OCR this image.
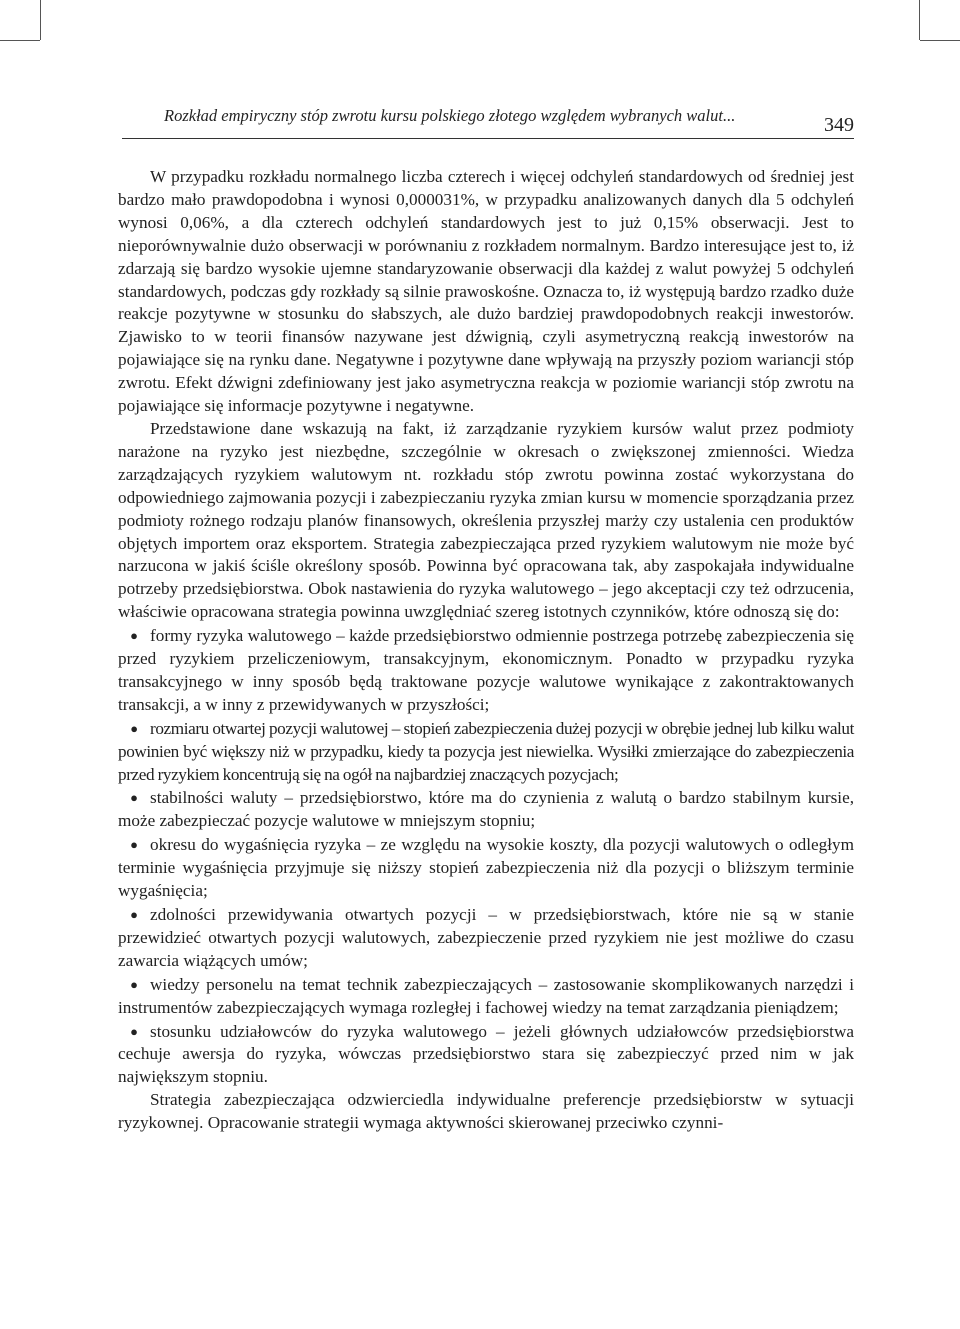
Rozkład empiryczny stóp zwrotu kursu polskiego złotego względem wybranych walut...	349

W przypadku rozkładu normalnego liczba czterech i więcej odchyleń standardowych od średniej jest bardzo mało prawdopodobna i wynosi 0,000031%, w przypadku analizowanych danych dla 5 odchyleń wynosi 0,06%, a dla czterech odchyleń standardowych jest to już 0,15% obserwacji. Jest to nieporównywalnie dużo obserwacji w porównaniu z rozkładem normalnym. Bardzo interesujące jest to, iż zdarzają się bardzo wysokie ujemne standaryzowanie obserwacji dla każdej z walut powyżej 5 odchyleń standardowych, podczas gdy rozkłady są silnie prawoskośne. Oznacza to, iż występują bardzo rzadko duże reakcje pozytywne w stosunku do słabszych, ale dużo bardziej prawdopodobnych reakcji inwestorów. Zjawisko to w teorii finansów nazywane jest dźwignią, czyli asymetryczną reakcją inwestorów na pojawiające się na rynku dane. Negatywne i pozytywne dane wpływają na przyszły poziom wariancji stóp zwrotu. Efekt dźwigni zdefiniowany jest jako asymetryczna reakcja w poziomie wariancji stóp zwrotu na pojawiające się informacje pozytywne i negatywne.

Przedstawione dane wskazują na fakt, iż zarządzanie ryzykiem kursów walut przez podmioty narażone na ryzyko jest niezbędne, szczególnie w okresach o zwiększonej zmienności. Wiedza zarządzających ryzykiem walutowym nt. rozkładu stóp zwrotu powinna zostać wykorzystana do odpowiedniego zajmowania pozycji i zabezpieczaniu ryzyka zmian kursu w momencie sporządzania przez podmioty rożnego rodzaju planów finansowych, określenia przyszłej marży czy ustalenia cen produktów objętych importem oraz eksportem. Strategia zabezpieczająca przed ryzykiem walutowym nie może być narzucona w jakiś ściśle określony sposób. Powinna być opracowana tak, aby zaspokajała indywidualne potrzeby przedsiębiorstwa. Obok nastawienia do ryzyka walutowego – jego akceptacji czy też odrzucenia, właściwie opracowana strategia powinna uwzględniać szereg istotnych czynników, które odnoszą się do:

● formy ryzyka walutowego – każde przedsiębiorstwo odmiennie postrzega potrzebę zabezpieczenia się przed ryzykiem przeliczeniowym, transakcyjnym, ekonomicznym. Ponadto w przypadku ryzyka transakcyjnego w inny sposób będą traktowane pozycje walutowe wynikające z zakontraktowanych transakcji, a w inny z przewidywanych w przyszłości;
● rozmiaru otwartej pozycji walutowej – stopień zabezpieczenia dużej pozycji w obrębie jednej lub kilku walut powinien być większy niż w przypadku, kiedy ta pozycja jest niewielka. Wysiłki zmierzające do zabezpieczenia przed ryzykiem koncentrują się na ogół na najbardziej znaczących pozycjach;
● stabilności waluty – przedsiębiorstwo, które ma do czynienia z walutą o bardzo stabilnym kursie, może zabezpieczać pozycje walutowe w mniejszym stopniu;
● okresu do wygaśnięcia ryzyka – ze względu na wysokie koszty, dla pozycji walutowych o odległym terminie wygaśnięcia przyjmuje się niższy stopień zabezpieczenia niż dla pozycji o bliższym terminie wygaśnięcia;
● zdolności przewidywania otwartych pozycji – w przedsiębiorstwach, które nie są w stanie przewidzieć otwartych pozycji walutowych, zabezpieczenie przed ryzykiem nie jest możliwe do czasu zawarcia wiążących umów;
● wiedzy personelu na temat technik zabezpieczających – zastosowanie skomplikowanych narzędzi i instrumentów zabezpieczających wymaga rozległej i fachowej wiedzy na temat zarządzania pieniądzem;
● stosunku udziałowców do ryzyka walutowego – jeżeli głównych udziałowców przedsiębiorstwa cechuje awersja do ryzyka, wówczas przedsiębiorstwo stara się zabezpieczyć przed nim w jak największym stopniu.

Strategia zabezpieczająca odzwierciedla indywidualne preferencje przedsiębiorstw w sytuacji ryzykownej. Opracowanie strategii wymaga aktywności skierowanej przeciwko czynni-
